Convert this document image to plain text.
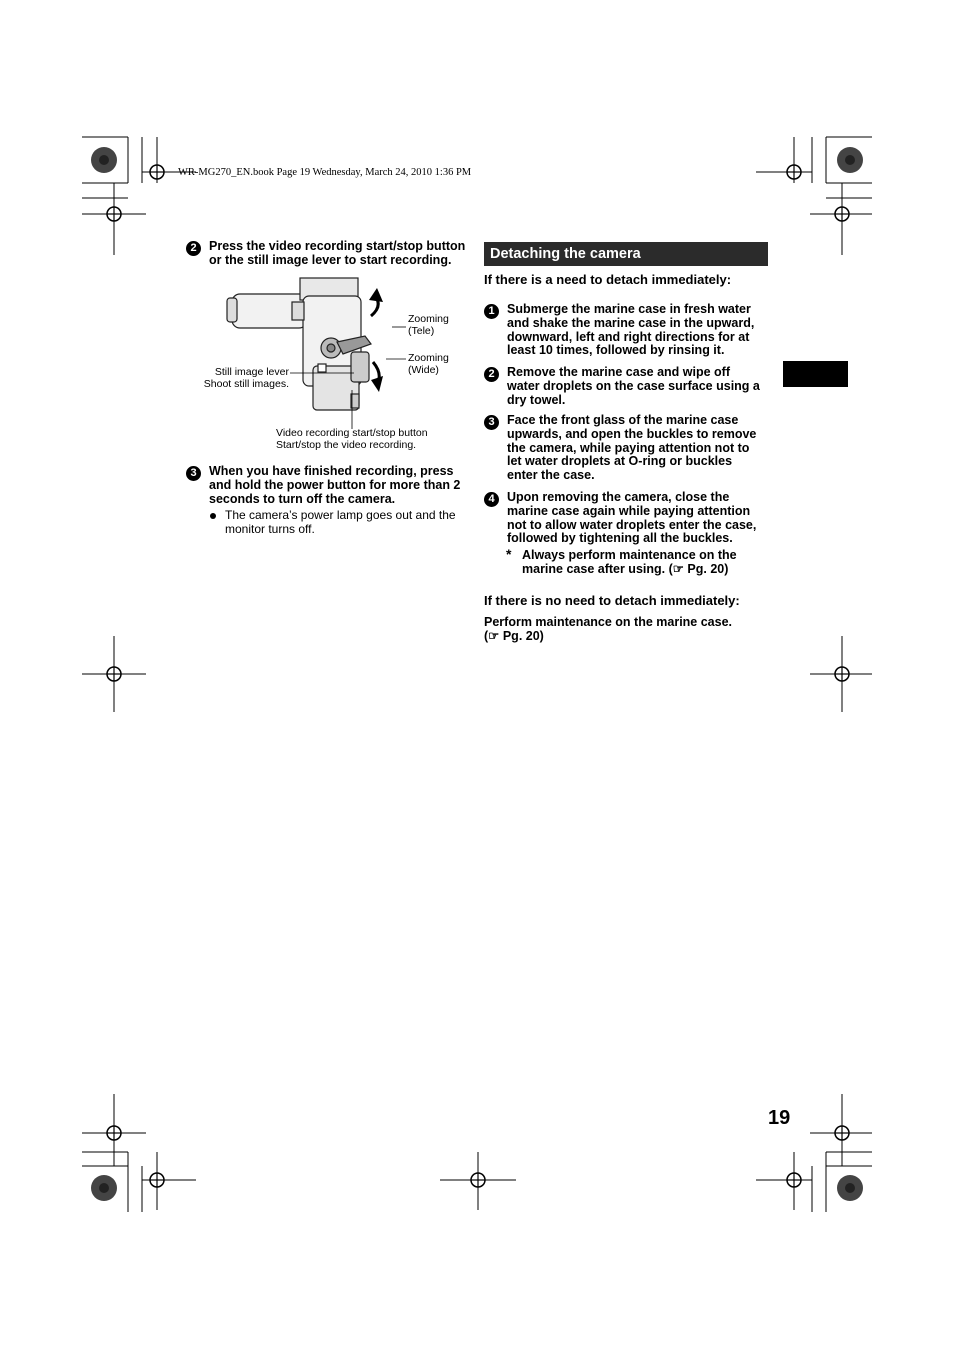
WR-MG270_EN.book Page 19 Wednesday, March 24, 2010 1:36 PM
2 Press the video recording start/stop button
or the still image lever to start recording.
Zooming
(Tele)
Zooming
(Wide)
Still image lever
Shoot still images.
Video recording start/stop button
Start/stop the video recording.
3 When you have finished recording, press
and hold the power button for more than 2
seconds to turn off the camera.
The camera’s power lamp goes out and the
monitor turns off.
Detaching the camera
If there is a need to detach immediately:
1 Submerge the marine case in fresh water
and shake the marine case in the upward,
downward, left and right directions for at
least 10 times, followed by rinsing it.
2 Remove the marine case and wipe off
water droplets on the case surface using a
dry towel.
3 Face the front glass of the marine case
upwards, and open the buckles to remove
the camera, while paying attention not to
let water droplets at O-ring or buckles
enter the case.
4 Upon removing the camera, close the
marine case again while paying attention
not to allow water droplets enter the case,
followed by tightening all the buckles.
* Always perform maintenance on the
marine case after using. (☞ Pg. 20)
If there is no need to detach immediately:
Perform maintenance on the marine case.
(☞ Pg. 20)
19
